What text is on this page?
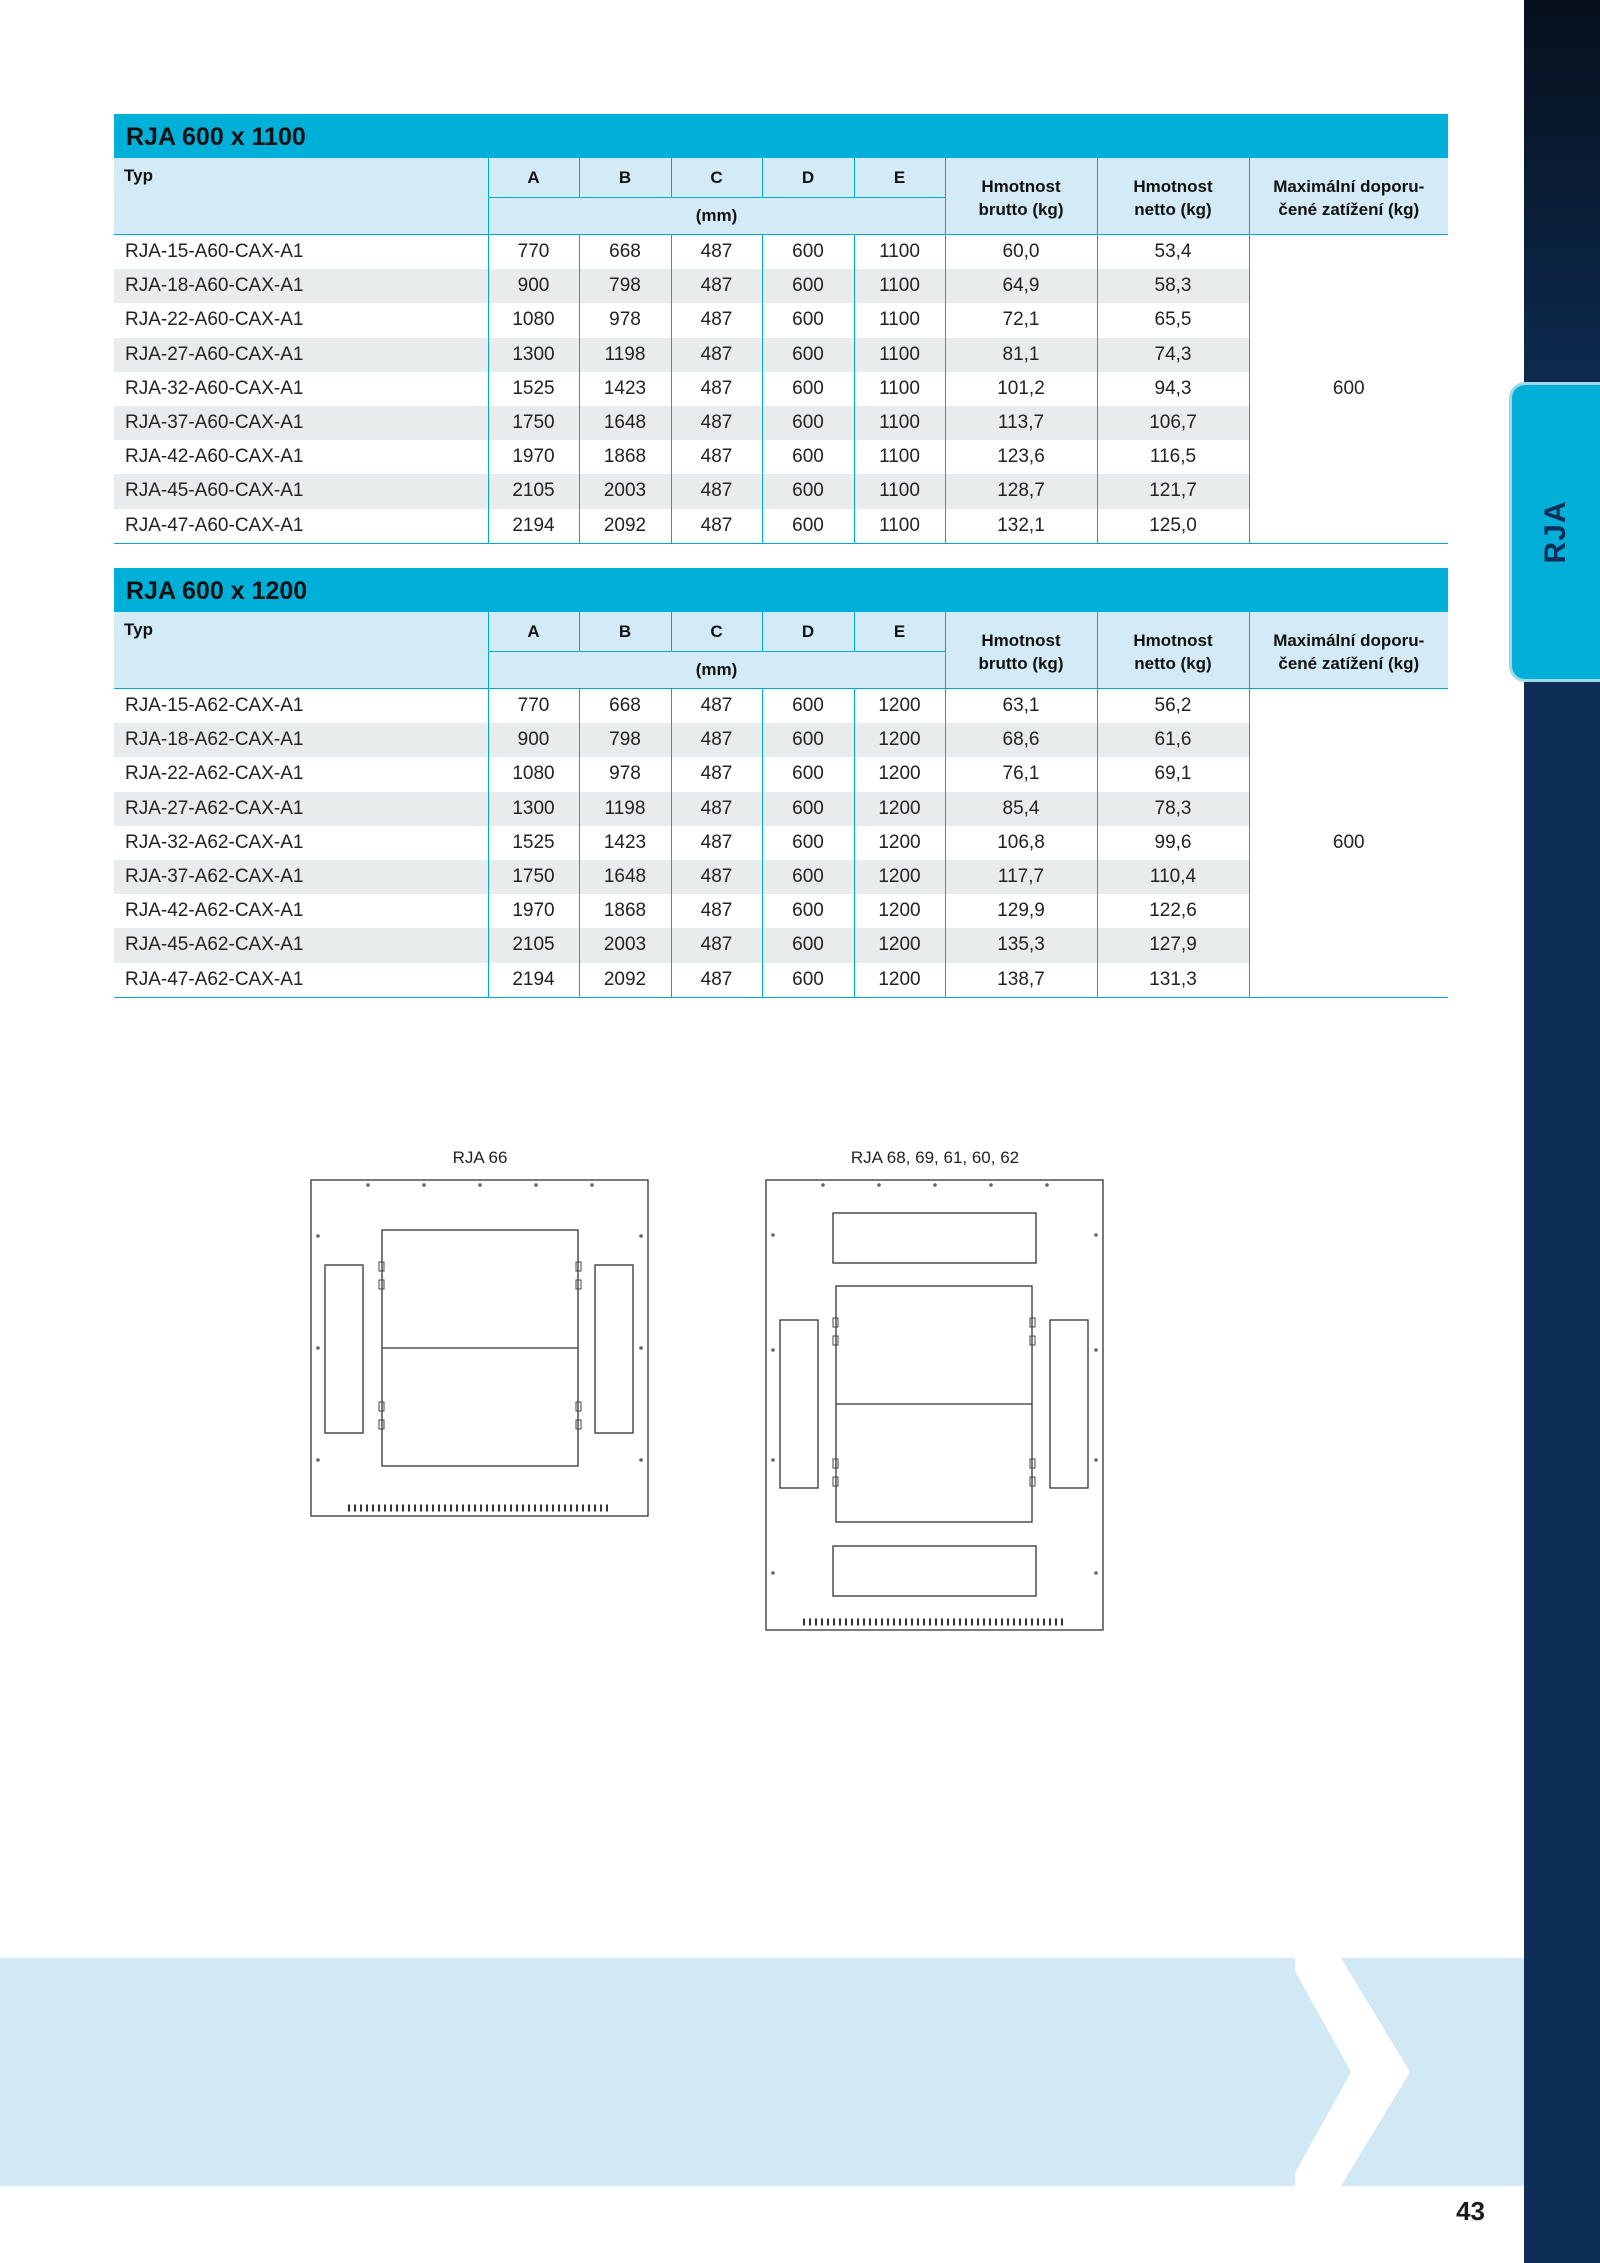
RJA
RJA 600 x 1100
Typ	A	B	C	D	E	Hmotnost
brutto (kg)	Hmotnost
netto (kg)	Maximální doporu-
čené zatížení (kg)
	(mm)							
RJA-15-A60-CAX-A1	770	668	487	600	1100	60,0	53,4	600
RJA-18-A60-CAX-A1	900	798	487	600	1100	64,9	58,3	
RJA-22-A60-CAX-A1	1080	978	487	600	1100	72,1	65,5	
RJA-27-A60-CAX-A1	1300	1198	487	600	1100	81,1	74,3	
RJA-32-A60-CAX-A1	1525	1423	487	600	1100	101,2	94,3	
RJA-37-A60-CAX-A1	1750	1648	487	600	1100	113,7	106,7	
RJA-42-A60-CAX-A1	1970	1868	487	600	1100	123,6	116,5	
RJA-45-A60-CAX-A1	2105	2003	487	600	1100	128,7	121,7	
RJA-47-A60-CAX-A1	2194	2092	487	600	1100	132,1	125,0	
RJA 600 x 1200
Typ	A	B	C	D	E	Hmotnost
brutto (kg)	Hmotnost
netto (kg)	Maximální doporu-
čené zatížení (kg)
	(mm)							
RJA-15-A62-CAX-A1	770	668	487	600	1200	63,1	56,2	600
RJA-18-A62-CAX-A1	900	798	487	600	1200	68,6	61,6	
RJA-22-A62-CAX-A1	1080	978	487	600	1200	76,1	69,1	
RJA-27-A62-CAX-A1	1300	1198	487	600	1200	85,4	78,3	
RJA-32-A62-CAX-A1	1525	1423	487	600	1200	106,8	99,6	
RJA-37-A62-CAX-A1	1750	1648	487	600	1200	117,7	110,4	
RJA-42-A62-CAX-A1	1970	1868	487	600	1200	129,9	122,6	
RJA-45-A62-CAX-A1	2105	2003	487	600	1200	135,3	127,9	
RJA-47-A62-CAX-A1	2194	2092	487	600	1200	138,7	131,3	
RJA 66	RJA 68, 69, 61, 60, 62
43
